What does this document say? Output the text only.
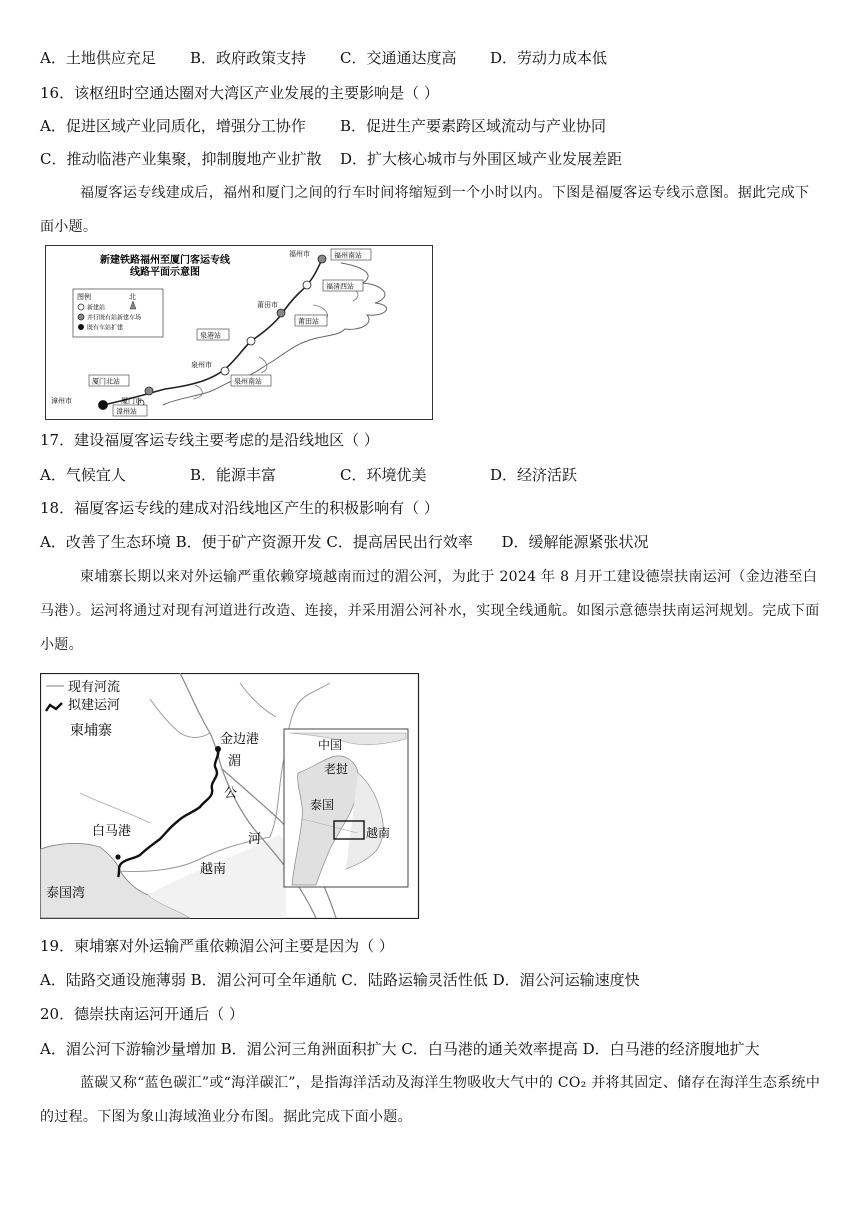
A．土地供应充足 B．政府政策支持 C．交通通达度高 D．劳动力成本低
16．该枢纽时空通达圈对大湾区产业发展的主要影响是（ ）
A．促进区域产业同质化，增强分工协作 B．促进生产要素跨区域流动与产业协同
C．推动临港产业集聚，抑制腹地产业扩散 D．扩大核心城市与外围区域产业发展差距
福厦客运专线建成后，福州和厦门之间的行车时间将缩短到一个小时以内。下图是福厦客运专线示意图。据此完成下面小题。
新建铁路福州至厦门客运专线
线路平面示意图
图例	北
新建站
并行既有站新建车场
既有车站扩建
福州市	福州南站
福清西站
莆田市
莆田站
泉港站
泉州市
泉州南站
厦门北站
漳州市	厦门市
漳州站
17．建设福厦客运专线主要考虑的是沿线地区（ ）
A．气候宜人	B．能源丰富	C．环境优美	D．经济活跃
18．福厦客运专线的建成对沿线地区产生的积极影响有（ ）
A．改善了生态环境 B．便于矿产资源开发 C．提高居民出行效率      D．缓解能源紧张状况
柬埔寨长期以来对外运输严重依赖穿境越南而过的湄公河，为此于 2024 年 8 月开工建设德崇扶南运河（金边港至白马港）。运河将通过对现有河道进行改造、连接，并采用湄公河补水，实现全线通航。如图示意德崇扶南运河规划。完成下面小题。
现有河流
拟建运河
柬埔寨
金边港
湄
公
河
白马港
泰国湾
越南
中国
老挝
泰国
越南
19．柬埔寨对外运输严重依赖湄公河主要是因为（ ）
A．陆路交通设施薄弱 B．湄公河可全年通航 C．陆路运输灵活性低 D．湄公河运输速度快
20．德崇扶南运河开通后（ ）
A．湄公河下游输沙量增加 B．湄公河三角洲面积扩大 C．白马港的通关效率提高 D．白马港的经济腹地扩大
蓝碳又称“蓝色碳汇”或“海洋碳汇”，是指海洋活动及海洋生物吸收大气中的 CO₂ 并将其固定、储存在海洋生态系统中的过程。下图为象山海域渔业分布图。据此完成下面小题。
